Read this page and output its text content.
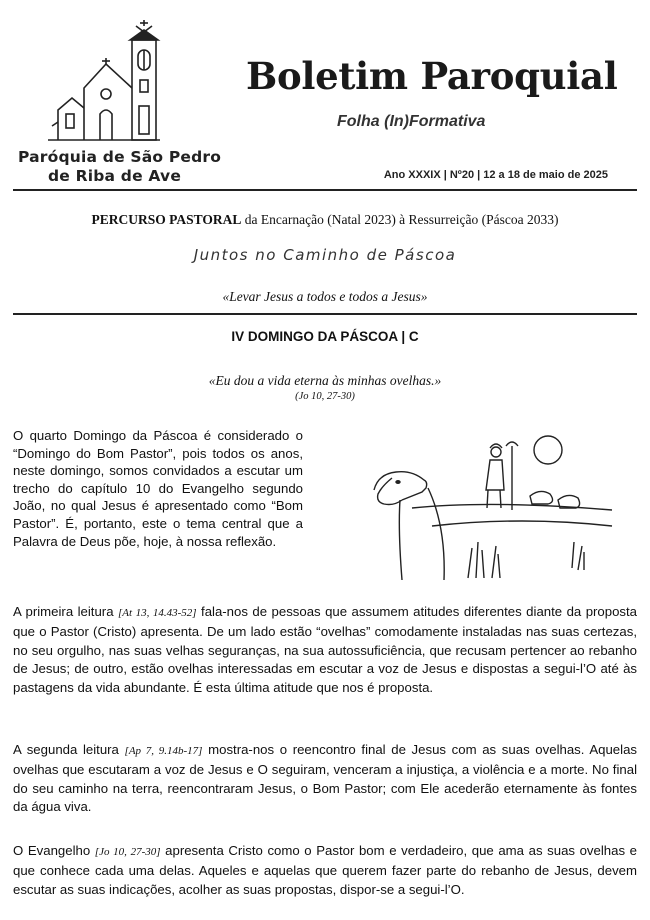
Paróquia de São Pedro
de Riba de Ave
Boletim Paroquial
Folha (In)Formativa
Ano XXXIX | Nº20 | 12 a 18 de maio de 2025
PERCURSO PASTORAL da Encarnação (Natal 2023) à Ressurreição (Páscoa 2033)
Juntos no Caminho de Páscoa
«Levar Jesus a todos e todos a Jesus»
IV DOMINGO DA PÁSCOA | C
«Eu dou a vida eterna às minhas ovelhas.»
(Jo 10, 27-30)
O quarto Domingo da Páscoa é considerado o “Domingo do Bom Pastor”, pois todos os anos, neste domingo, somos convidados a escutar um trecho do capítulo 10 do Evangelho segundo João, no qual Jesus é apresentado como “Bom Pastor”. É, portanto, este o tema central que a Palavra de Deus põe, hoje, à nossa reflexão.
A primeira leitura [At 13, 14.43-52] fala-nos de pessoas que assumem atitudes diferentes diante da proposta que o Pastor (Cristo) apresenta. De um lado estão “ovelhas” comodamente instaladas nas suas certezas, no seu orgulho, nas suas velhas seguranças, na sua autossuficiência, que recusam pertencer ao rebanho de Jesus; de outro, estão ovelhas interessadas em escutar a voz de Jesus e dispostas a segui-l’O até às pastagens da vida abundante. É esta última atitude que nos é proposta.
A segunda leitura [Ap 7, 9.14b-17] mostra-nos o reencontro final de Jesus com as suas ovelhas. Aquelas ovelhas que escutaram a voz de Jesus e O seguiram, venceram a injustiça, a violência e a morte. No final do seu caminho na terra, reencontraram Jesus, o Bom Pastor; com Ele acederão eternamente às fontes da água viva.
O Evangelho [Jo 10, 27-30] apresenta Cristo como o Pastor bom e verdadeiro, que ama as suas ovelhas e que conhece cada uma delas. Aqueles e aquelas que querem fazer parte do rebanho de Jesus, devem escutar as suas indicações, acolher as suas propostas, dispor-se a segui-l’O.
